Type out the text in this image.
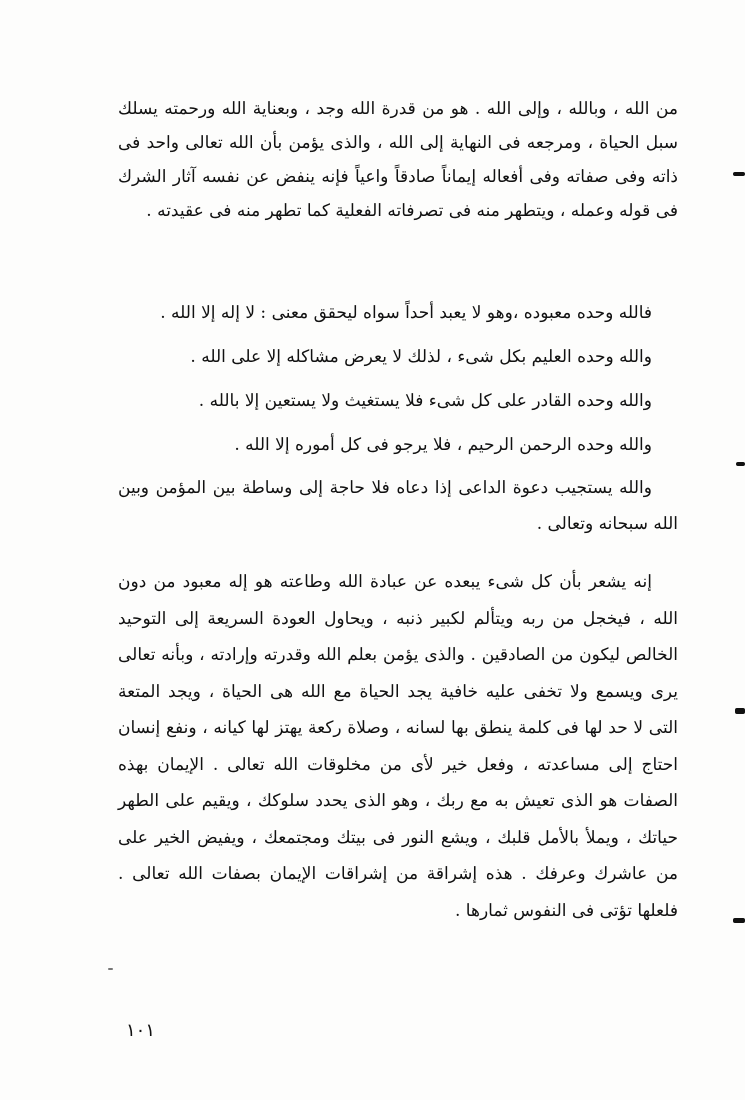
من الله ، وبالله ، وإلى الله . هو من قدرة الله وجد ، وبعناية الله ورحمته يسلك سبل الحياة ، ومرجعه فى النهاية إلى الله ، والذى يؤمن بأن الله تعالى واحد فى ذاته وفى صفاته وفى أفعاله إيماناً صادقاً واعياً فإنه ينفض عن نفسه آثار الشرك فى قوله وعمله ، ويتطهر منه فى تصرفاته الفعلية كما تطهر منه فى عقيدته .

فالله وحده معبوده ،وهو لا يعبد أحداً سواه ليحقق معنى : لا إله إلا الله .

والله وحده العليم بكل شىء ، لذلك لا يعرض مشاكله إلا على الله .

والله وحده القادر على كل شىء فلا يستغيث ولا يستعين إلا بالله .

والله وحده الرحمن الرحيم ، فلا يرجو فى كل أموره إلا الله .

والله يستجيب دعوة الداعى إذا دعاه فلا حاجة إلى وساطة بين المؤمن وبين الله سبحانه وتعالى .

إنه يشعر بأن كل شىء يبعده عن عبادة الله وطاعته هو إله معبود من دون الله ، فيخجل من ربه ويتألم لكبير ذنبه ، ويحاول العودة السريعة إلى التوحيد الخالص ليكون من الصادقين . والذى يؤمن بعلم الله وقدرته وإرادته ، وبأنه تعالى يرى ويسمع ولا تخفى عليه خافية يجد الحياة مع الله هى الحياة ، ويجد المتعة التى لا حد لها فى كلمة ينطق بها لسانه ، وصلاة ركعة يهتز لها كيانه ، ونفع إنسان احتاج إلى مساعدته ، وفعل خير لأى من مخلوقات الله تعالى . الإيمان بهذه الصفات هو الذى تعيش به مع ربك ، وهو الذى يحدد سلوكك ، ويقيم على الطهر حياتك ، ويملأ بالأمل قلبك ، ويشع النور فى بيتك ومجتمعك ، ويفيض الخير على من عاشرك وعرفك . هذه إشراقة من إشراقات الإيمان بصفات الله تعالى . فلعلها تؤتى فى النفوس ثمارها .

١٠١
